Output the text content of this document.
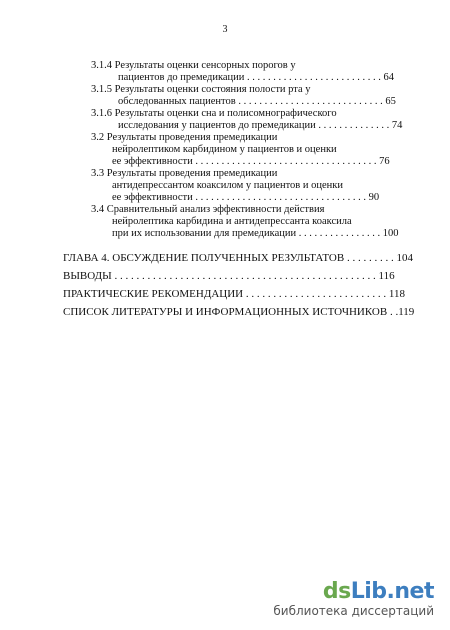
3
3.1.4 Результаты оценки сенсорных порогов у
пациентов до премедикации . . . . . . . . . . . . . . . . . . . . . . . . . . 64
3.1.5 Результаты оценки состояния полости рта у
обследованных пациентов . . . . . . . . . . . . . . . . . . . . . . . . . . . . 65
3.1.6 Результаты оценки сна и полисомнографического
исследования у пациентов до премедикации . . . . . . . . . . . . . . 74
3.2 Результаты проведения премедикации
нейролептиком карбидином у пациентов и оценки
ее эффективности . . . . . . . . . . . . . . . . . . . . . . . . . . . . . . . . . . . 76
3.3 Результаты проведения премедикации
антидепрессантом коаксилом у пациентов и оценки
ее эффективности . . . . . . . . . . . . . . . . . . . . . . . . . . . . . . . . . 90
3.4 Сравнительный анализ эффективности действия
нейролептика карбидина и антидепрессанта коаксила
при их использовании для премедикации . . . . . . . . . . . . . . . . 100
ГЛАВА 4. ОБСУЖДЕНИЕ ПОЛУЧЕННЫХ РЕЗУЛЬТАТОВ . . . . . . . . . 104
ВЫВОДЫ . . . . . . . . . . . . . . . . . . . . . . . . . . . . . . . . . . . . . . . . . . . . . . . . 116
ПРАКТИЧЕСКИЕ РЕКОМЕНДАЦИИ . . . . . . . . . . . . . . . . . . . . . . . . . . 118
СПИСОК ЛИТЕРАТУРЫ И ИНФОРМАЦИОННЫХ ИСТОЧНИКОВ . .119
dsLib.net
библиотека диссертаций
